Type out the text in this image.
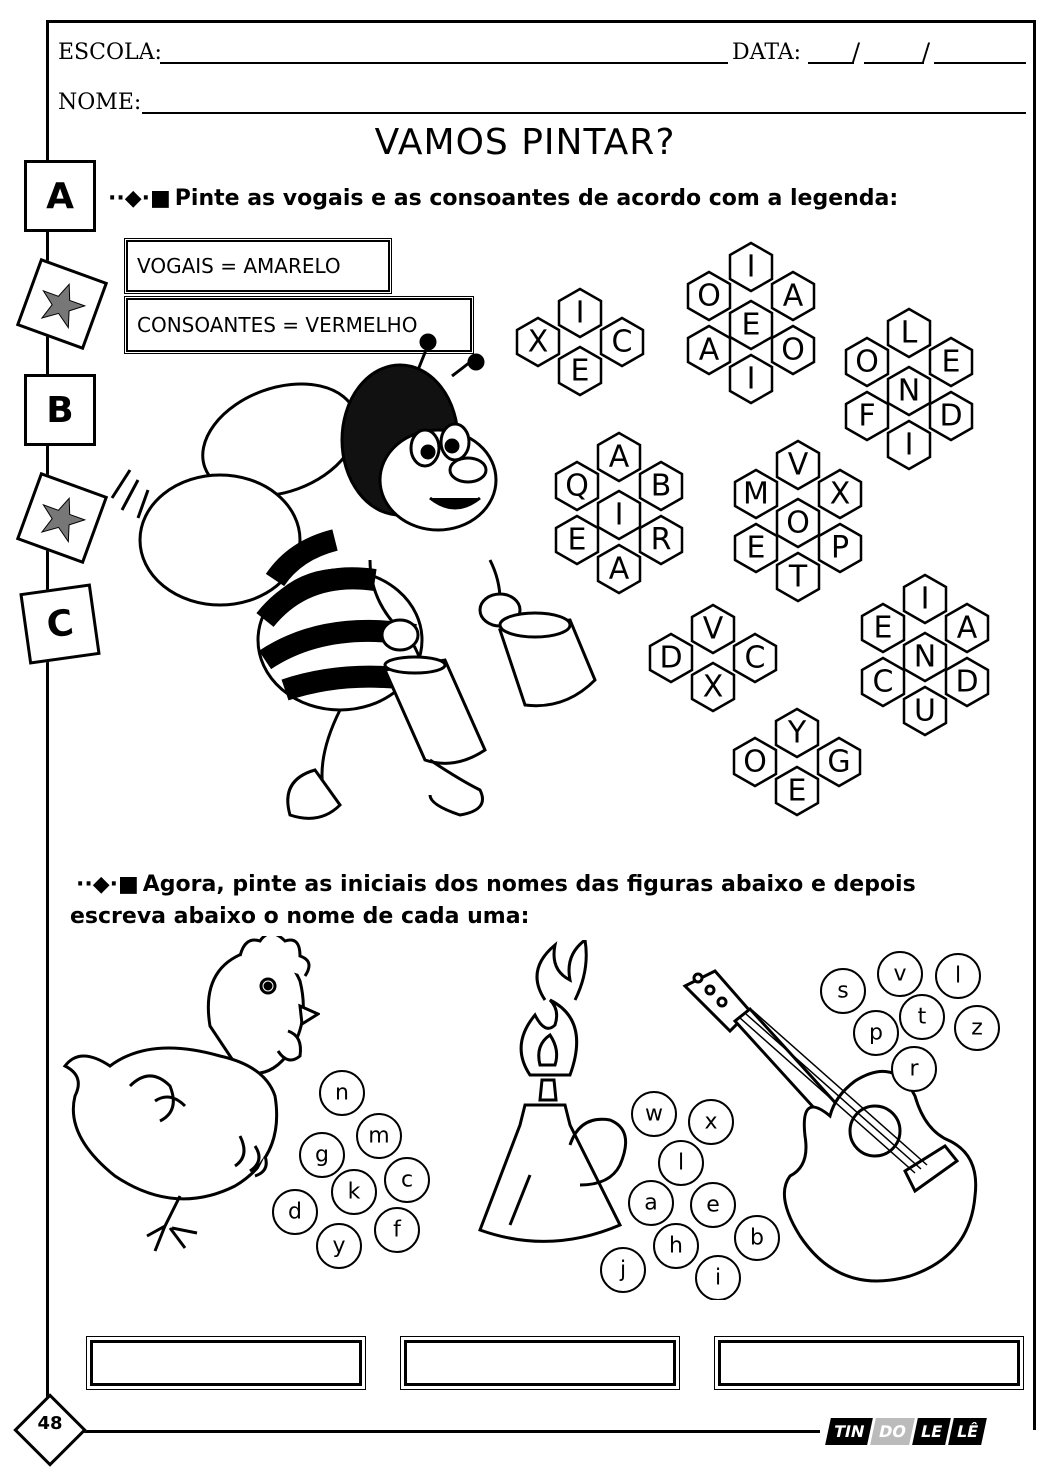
ESCOLA:	DATA: /	/
NOME:
VAMOS PINTAR?
A
B
C
··◆·■ Pinte as vogais e as consoantes de acordo com a legenda:
VOGAIS = AMARELO
CONSOANTES = VERMELHO	I
X C
E
I
O A
E
A O
I
L
O E
N
F D
I
A
Q B
I
E R
A
V
M X
O
E P
T
V
D C
X
I
E A
N
C D
U
Y
O G
E
··◆·■ Agora, pinte as iniciais dos nomes das figuras abaixo e depois
escreva abaixo o nome de cada uma:
n
m
g
c
k
d
f
y
w x
l
a e
b
h
j	i
s
v l
t
p	z
r
48	TIN DO LE LÊ
